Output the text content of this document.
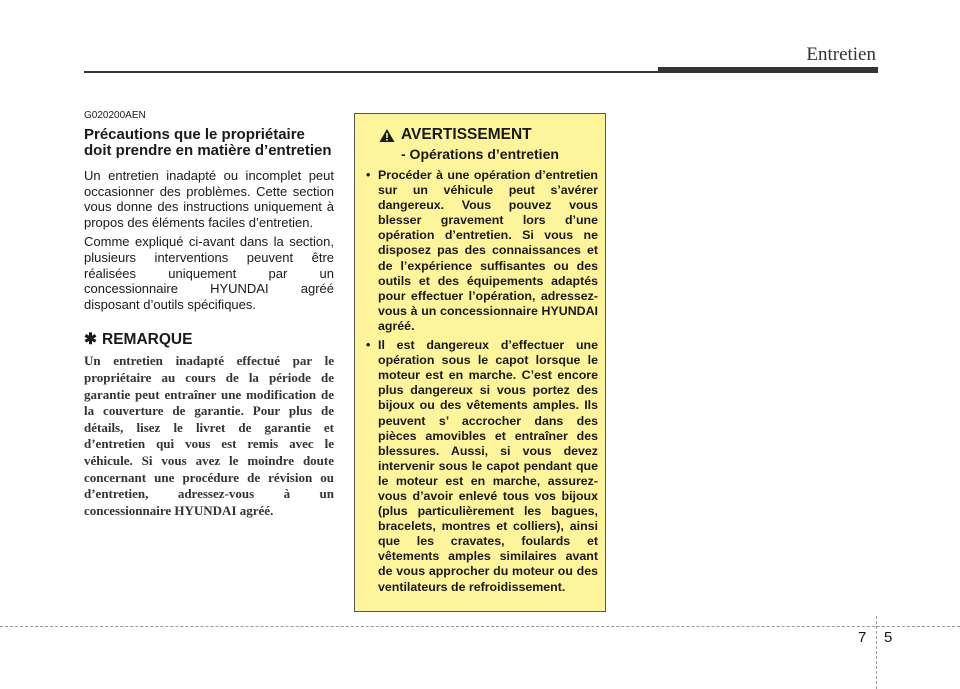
Entretien
G020200AEN
Précautions que le propriétaire doit prendre en matière d’entretien

Un entretien inadapté ou incomplet peut occasionner des problèmes. Cette section vous donne des instructions uniquement à propos des éléments faciles d’entretien.

Comme expliqué ci-avant dans la section, plusieurs interventions peuvent être réalisées uniquement par un concessionnaire HYUNDAI agréé disposant d’outils spécifiques.

✱ REMARQUE

Un entretien inadapté effectué par le propriétaire au cours de la période de garantie peut entraîner une modification de la couverture de garantie. Pour plus de détails, lisez le livret de garantie et d’entretien qui vous est remis avec le véhicule. Si vous avez le moindre doute concernant une procédure de révision ou d’entretien, adressez-vous à un concessionnaire HYUNDAI agréé.

AVERTISSEMENT
- Opérations d’entretien
• Procéder à une opération d’entretien sur un véhicule peut s’avérer dangereux. Vous pouvez vous blesser gravement lors d’une opération d’entretien. Si vous ne disposez pas des connaissances et de l’expérience suffisantes ou des outils et des équipements adaptés pour effectuer l’opération, adressez-vous à un concessionnaire HYUNDAI agréé.
• Il est dangereux d’effectuer une opération sous le capot lorsque le moteur est en marche. C’est encore plus dangereux si vous portez des bijoux ou des vêtements amples. Ils peuvent s’ accrocher dans des pièces amovibles et entraîner des blessures. Aussi, si vous devez intervenir sous le capot pendant que le moteur est en marche, assurez-vous d’avoir enlevé tous vos bijoux (plus particulièrement les bagues, bracelets, montres et colliers), ainsi que les cravates, foulards et vêtements amples similaires avant de vous approcher du moteur ou des ventilateurs de refroidissement.
7 5
